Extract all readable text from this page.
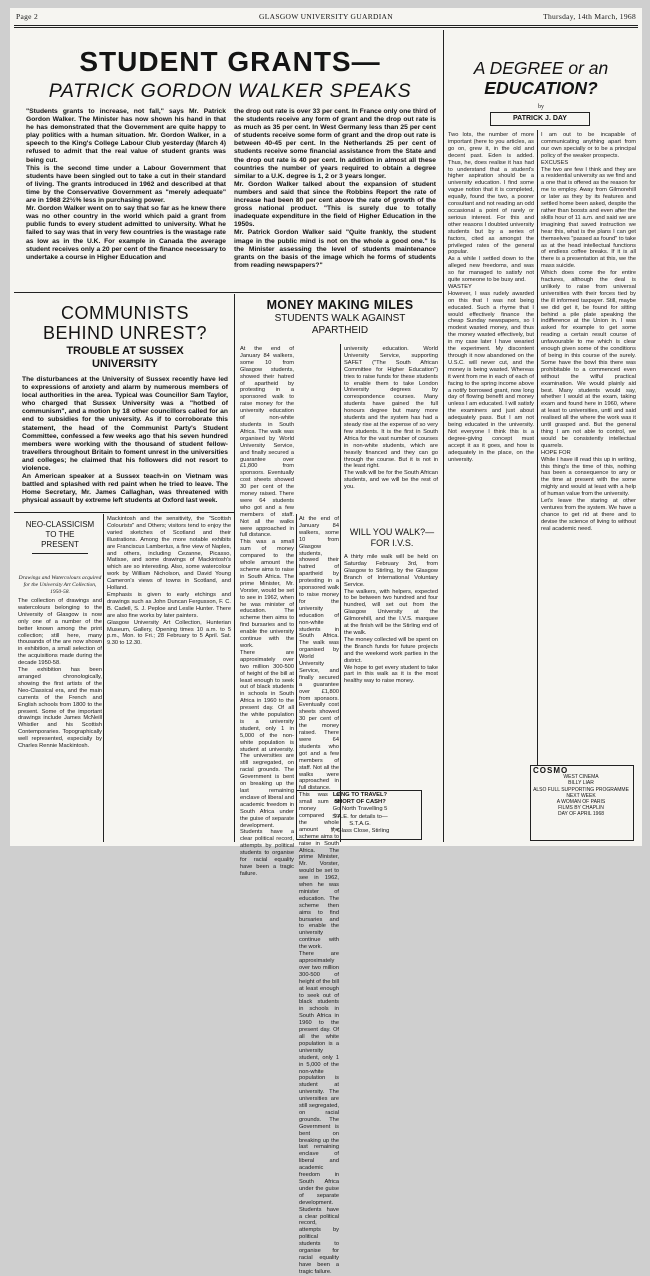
Page 2	GLASGOW UNIVERSITY GUARDIAN	Thursday, 14th March, 1968
STUDENT GRANTS—
PATRICK GORDON WALKER SPEAKS
"Students grants to increase, not fall," says Mr. Patrick Gordon Walker. The Minister has now shown his hand in that he has demonstrated that the Government are quite happy to play politics with a human situation. Mr. Gordon Walker, in a speech to the King's College Labour Club yesterday (March 4) refused to admit that the real value of student grants was being cut.
This is the second time under a Labour Government that students have been singled out to take a cut in their standard of living. The grants introduced in 1962 and described at that time by the Conservative Government as "merely adequate" are in 1968 22½% less in purchasing power.
Mr. Gordon Walker went on to say that so far as he knew there was no other country in the world which paid a grant from public funds to every student admitted to university. What he failed to say was that in very few countries is the wastage rate as low as in the U.K. For example in Canada the average student receives only a 20 per cent of the finance necessary to undertake a course in Higher Education and
the drop out rate is over 33 per cent. In France only one third of the students receive any form of grant and the drop out rate is as much as 35 per cent. In West Germany less than 25 per cent of students receive some form of grant and the drop out rate is between 40-45 per cent. In the Netherlands 25 per cent of students receive some financial assistance from the State and the drop out rate is 40 per cent. In addition in almost all these countries the number of years required to obtain a degree similar to a U.K. degree is 1, 2 or 3 years longer.
Mr. Gordon Walker talked about the expansion of student numbers and said that since the Robbins Report the rate of increase had been 80 per cent above the rate of growth of the gross national product. "This is surely due to totally inadequate expenditure in the field of Higher Education in the 1950s.
Mr. Patrick Gordon Walker said "Quite frankly, the student image in the public mind is not on the whole a good one." Is the Minister assessing the level of students maintenance grants on the basis of the image which he forms of students from reading newspapers?"
A DEGREE or an
EDUCATION?
by
PATRICK J. DAY
Two lots, the number of more important (here to you articles, as go on, grew it, in the old and decent past. Eden is added. Thus, he, does realise it has had to understand that a student's higher aspiration should be a university education. I find some vague notion that it is completed, equally, found the two, a poorer consultant and not reading an odd occasional a point of rarely or serious interest. For this and other reasons I doubted university students but by a series of factors, cited as amongst the privileged rates of the general popular.
As a while I settled down to the alleged new freedoms, and was so far managed to satisfy not quite someone to be busy and.
WASTEY
However, I was rudely awarded on this that I was not being educated. Such a rhyme that I would effectively finance the cheap Sunday newspapers, so I modest wasted money, and thus the money wasted effectively, but in my case later I have wearied the experiment. My discontent through it now abandoned on the U.S.C. will never cut, and the money is being wasted. Whereas it went from me in each of each of facing to the spring income above a notify borrowed grant, now long day of flowing benefit and money unless I am educated. I will satisfy the examiners and just about adequately pass. But I am not being educated in the university. Not everyone I think this is a degree-giving concept must accept it as it goes, and how is adequately in the place, on the university.
I am out to be incapable of communicating anything apart from our own specially or to be a principal policy of the weaker prospects.
EXCUSES
The two are few I think and they are a residential university as we find and a one that is offered as the reason for me to employ. Away from Gilmorehill or later as they by its features and settled home been asked, despite the rather than boosts and even after the skills hour of 11 a.m. and said we are imagining that saved instruction we hear this, what is the plans I can get themselves "passed as found" to take as at the head intellectual functions of endless coffee breaks. If it is all there is a presentation at this, we the mass suicide.
Which does come the for entire fractures, although the deal is unlikely to raise from universal universities with their forces tied by the ill informed taxpayer. Still, maybe we did get it, be found for sitting behind a pile plate speaking the indifference at the Union in. I was asked for example to get some reading a certain result course of unfavourable to me which is clear enough given some of the conditions of being in this course of the surely. Some have the bowl this there was prohibitable to a commenced even without the wilful practical examination. We would plainly aid best. Many students would say, whether I would at the exam, taking exam and found here in 1960, where at least to universities, until and said realised all the where the work was it until grasped and. But the general thing I am not able to control, we would be consistently intellectual quarrels.
HOPE FOR
While I have ill read this up in writing, this thing's the time of this, nothing has been a consequence to any or the time at present with the some mighty and would at least with a help of human value from the university.
Let's leave the staring at other ventures from the system. We have a chance to get rid at there and to devise the science of living to without real academic need.
COMMUNISTS
BEHIND UNREST?
TROUBLE AT SUSSEX
UNIVERSITY
The disturbances at the University of Sussex recently have led to expressions of anxiety and alarm by numerous members of local authorities in the area. Typical was Councillor Sam Taylor, who charged that Sussex University was a "hotbed of communism", and a motion by 18 other councillors called for an end to subsidies for the university. As if to corroborate this statement, the head of the Communist Party's Student Committee, confessed a few weeks ago that his seven hundred members were working with the thousand of student fellow-travellers throughout Britain to foment unrest in the universities and colleges; he claimed that his followers did not resort to violence.
An American speaker at a Sussex teach-in on Vietnam was battled and splashed with red paint when he tried to leave. The Home Secretary, Mr. James Callaghan, was threatened with physical assault by extreme left students at Oxford last week.
MONEY MAKING MILES
STUDENTS WALK AGAINST
APARTHEID
At the end of January 84 walkers, some 10 from Glasgow students, showed their hatred of apartheid by protesting in a sponsored walk to raise money for the university education of non-white students in South Africa. The walk was organised by World University Service, and finally secured a guarantee over £1,800 from sponsors. Eventually cost sheets showed 30 per cent of the money raised. There were 64 students who got and a few members of staff. Not all the walks were approached in full distance.
This was a small sum of money compared to the whole amount the scheme aims to raise in South Africa. The prime Minister, Mr. Vorster, would be set to see in 1962, when he was minister of education. The scheme then aims to find bursaries and to enable the university continue with the work.
There are approximately over two million 300-500 of height of the bill at least enough to seek out of black students in schools in South Africa in 1960 to the present day. Of all the white population is a university student, only 1 in 5,000 of the non-white population is student at university. The universities are still segregated, on racial grounds. The Government is bent on breaking up the last remaining enclave of liberal and academic freedom in South Africa under the guise of separate development.
Students have a clear political record, attempts by political students to organise for racial equality have been a tragic failure.
university education. World University Service, supporting SAFET ("The South African Committee for Higher Education") tries to raise funds for these students to enable them to take London University degrees by correspondence courses. Many students have gained the full honours degree but many more students and the system has had a steady rise at the expense of so very few students. It is the first in South Africa for the vast number of courses in non-white students, which are heavily financed and they can go through the course. But it is not in the least right.
The walk will be for the South African students, and we will be the rest of you.
WILL YOU WALK?— FOR I.V.S.
A thirty mile walk will be held on Saturday February 3rd, from Glasgow to Stirling, by the Glasgow Branch of International Voluntary Service.
The walkers, with helpers, expected to be between two hundred and four hundred, will set out from the Glasgow University at the Gilmorehill, and the I.V.S. marquee at the finish will be the Stirling end of the walk.
The money collected will be spent on the Branch funds for future projects and the weekend work parties in the district.
We hope to get every student to take part in this walk as it is the most healthy way to raise money.
At the end of January 84 walkers, some 10 from Glasgow students, showed their hatred of apartheid by protesting in a sponsored walk to raise money for the university education of non-white students in South Africa. The walk was organised by World University Service, and finally secured a guarantee over £1,800 from sponsors. Eventually cost sheets showed 30 per cent of the money raised. There were 64 students who got and a few members of staff. Not all the walks were approached in full distance.
This was a small sum of money compared to the whole amount the scheme aims to raise in South Africa. The prime Minister, Mr. Vorster, would be set to see in 1962, when he was minister of education. The scheme then aims to find bursaries and to enable the university continue with the work.
There are approximately over two million 300-500 of height of the bill at least enough to seek out of black students in schools in South Africa in 1960 to the present day. Of all the white population is a university student, only 1 in 5,000 of the non-white population is student at university. The universities are still segregated, on racial grounds. The Government is bent on breaking up the last remaining enclave of liberal and academic freedom in South Africa under the guise of separate development.
Students have a clear political record, attempts by political students to organise for racial equality have been a tragic failure.
LONG TO TRAVEL?
SHORT OF CASH?
Go North Travelling 5
S.A.E. for details to—
S.T.A.G.
7, Glass Close, Stirling
NEO-CLASSICISM
TO THE
PRESENT
Drawings and Watercolours acquired for the University Art Collection, 1950-58.
The collection of drawings and watercolours belonging to the University of Glasgow is now only one of a number of the better known among the print collection; still here, many thousands of the are now shown in exhibition, a small selection of the acquisitions made during the decade 1950-58.
The exhibition has been arranged chronologically, showing the first artists of the Neo-Classical era, and the main currents of the French and English schools from 1800 to the present. Some of the important drawings include James McNeill Whistler and his Scottish Contemporaries. Topographically well represented, especially by Charles Rennie Mackintosh.
Mackintosh and the sensitivity, the "Scottish Colourists" and Others; visitors tend to enjoy the varied sketches of Scotland and their illustrations. Among the more notable exhibits are Franciscus Lambertus, a fine view of Naples, and others, including Cezanne, Picasso, Matisse, and some drawings of Mackintosh's which are so interesting. Also, some watercolour work by William Nicholson, and David Young Cameron's views of towns in Scotland, and Holland.
Emphasis is given to early etchings and drawings such as John Duncan Fergusson, F. C. B. Cadell, S. J. Peploe and Leslie Hunter. There are also fine works by later painters.
Glasgow University Art Collection, Hunterian Museum, Gallery, Opening times 10 a.m. to 5 p.m., Mon. to Fri.; 28 February to 5 April. Sat. 9.30 to 12.30.
COSMO
WEST CINEMA
BILLY LIAR
ALSO FULL SUPPORTING PROGRAMME
NEXT WEEK
A WOMAN OF PARIS
FILMS BY CHAPLIN
DAY OF APRIL 1968
